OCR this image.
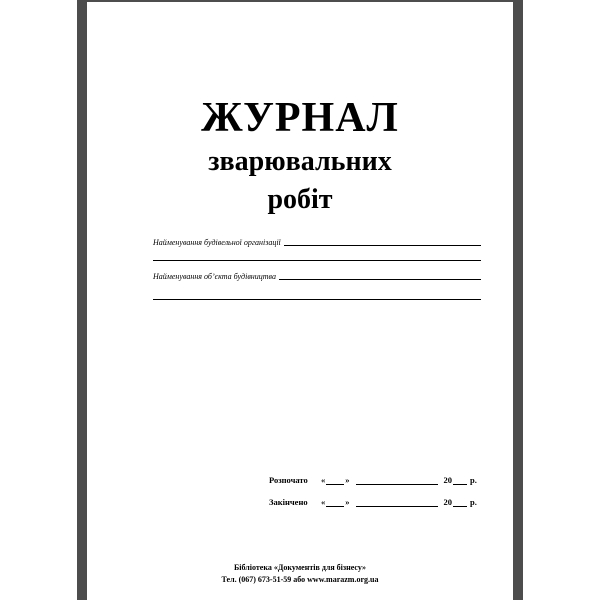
ЖУРНАЛ
зварювальних
робіт
Найменування будівельної організації
Найменування об’єкта будівництва
Розпочато	« »	20 р.
Закінчено	« »	20 р.
Бібліотека «Документів для бізнесу»
Тел. (067) 673-51-59 або www.marazm.org.ua
